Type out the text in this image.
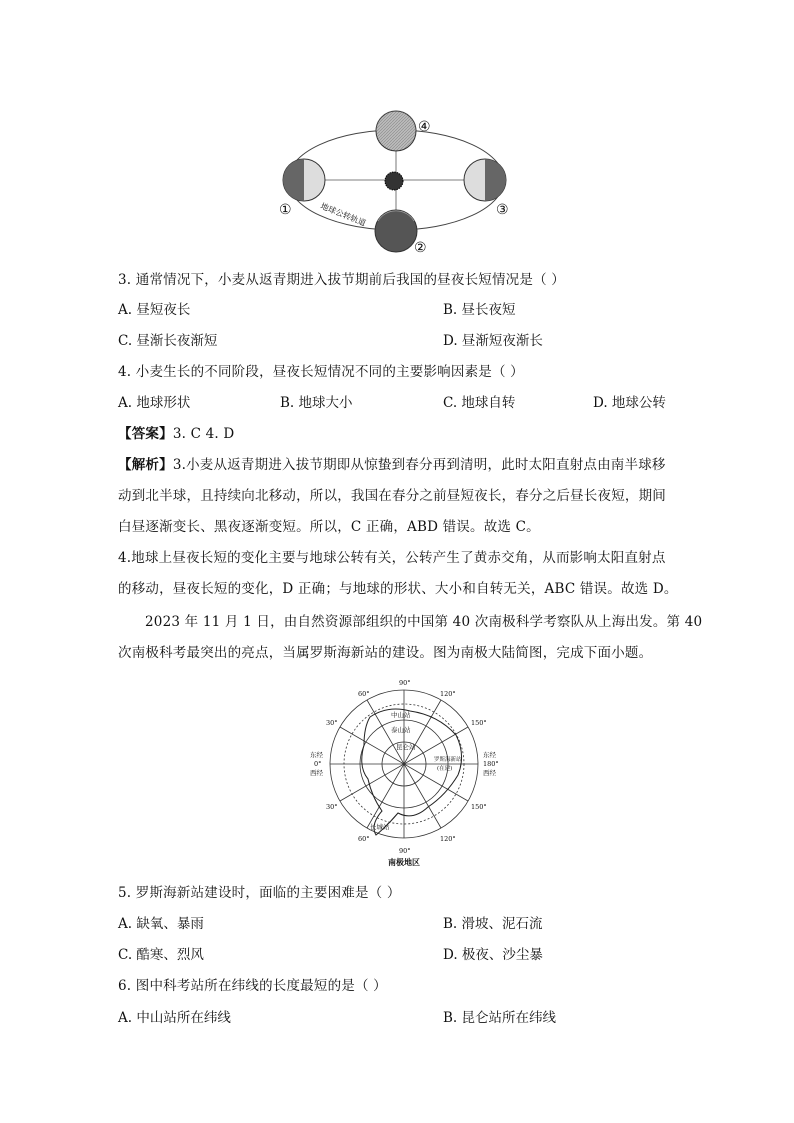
①
②
③
④
地球公转轨道
3. 通常情况下，小麦从返青期进入拔节期前后我国的昼夜长短情况是（ ）
A. 昼短夜长	B. 昼长夜短
C. 昼渐长夜渐短	D. 昼渐短夜渐长
4. 小麦生长的不同阶段，昼夜长短情况不同的主要影响因素是（ ）
A. 地球形状	B. 地球大小	C. 地球自转	D. 地球公转
【答案】3. C 4. D
【解析】3.小麦从返青期进入拔节期即从惊蛰到春分再到清明，此时太阳直射点由南半球移
动到北半球，且持续向北移动，所以，我国在春分之前昼短夜长，春分之后昼长夜短，期间
白昼逐渐变长、黑夜逐渐变短。所以，C 正确，ABD 错误。故选 C。
4.地球上昼夜长短的变化主要与地球公转有关，公转产生了黄赤交角，从而影响太阳直射点
的移动，昼夜长短的变化，D 正确；与地球的形状、大小和自转无关，ABC 错误。故选 D。
2023 年 11 月 1 日，由自然资源部组织的中国第 40 次南极科学考察队从上海出发。第 40
次南极科考最突出的亮点，当属罗斯海新站的建设。图为南极大陆简图，完成下面小题。
90°
60°	120°
30°	150°
东经
0°
西经
东经
180°
西经
30°	150°
60°	120°
90°
中山站
泰山站
昆仑站
罗斯海新站
(在建)
长城站
南极地区
5. 罗斯海新站建设时，面临的主要困难是（ ）
A. 缺氧、暴雨	B. 滑坡、泥石流
C. 酷寒、烈风	D. 极夜、沙尘暴
6. 图中科考站所在纬线的长度最短的是（ ）
A. 中山站所在纬线	B. 昆仑站所在纬线
